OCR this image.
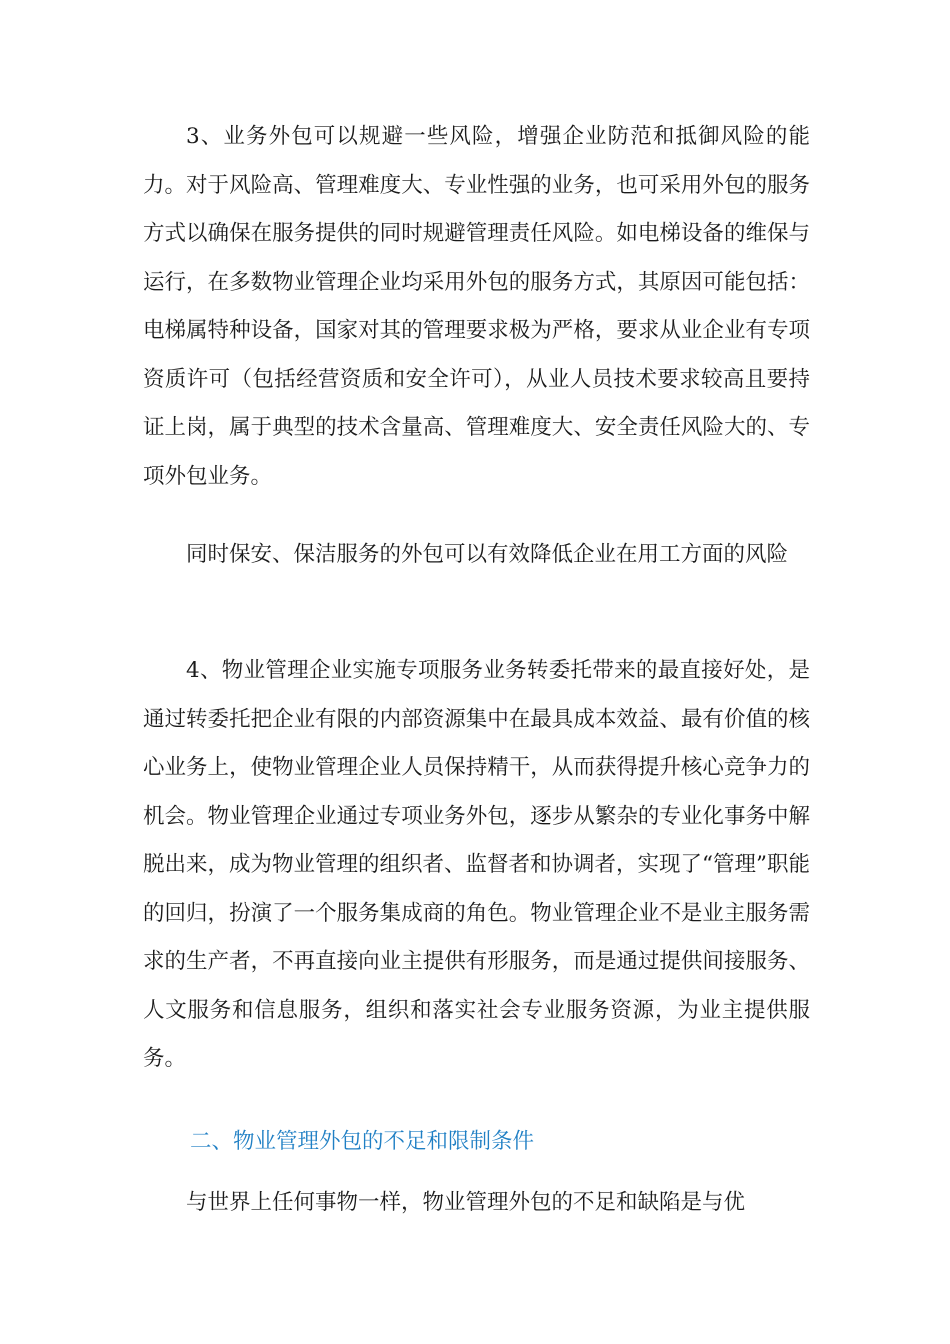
3、业务外包可以规避一些风险，增强企业防范和抵御风险的能力。对于风险高、管理难度大、专业性强的业务，也可采用外包的服务方式以确保在服务提供的同时规避管理责任风险。如电梯设备的维保与运行，在多数物业管理企业均采用外包的服务方式，其原因可能包括：电梯属特种设备，国家对其的管理要求极为严格，要求从业企业有专项资质许可（包括经营资质和安全许可），从业人员技术要求较高且要持证上岗，属于典型的技术含量高、管理难度大、安全责任风险大的、专项外包业务。

同时保安、保洁服务的外包可以有效降低企业在用工方面的风险

4、物业管理企业实施专项服务业务转委托带来的最直接好处，是通过转委托把企业有限的内部资源集中在最具成本效益、最有价值的核心业务上，使物业管理企业人员保持精干，从而获得提升核心竞争力的机会。物业管理企业通过专项业务外包，逐步从繁杂的专业化事务中解脱出来，成为物业管理的组织者、监督者和协调者，实现了“管理”职能的回归，扮演了一个服务集成商的角色。物业管理企业不是业主服务需求的生产者，不再直接向业主提供有形服务，而是通过提供间接服务、人文服务和信息服务，组织和落实社会专业服务资源，为业主提供服务。

二、物业管理外包的不足和限制条件

与世界上任何事物一样，物业管理外包的不足和缺陷是与优
